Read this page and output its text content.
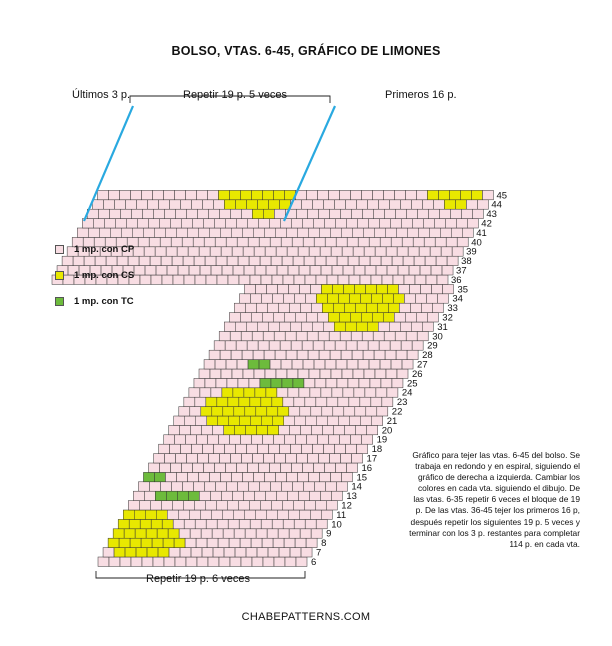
BOLSO, VTAS. 6-45, GRÁFICO DE LIMONES
6
7
8
9
10
11
12
13
14
15
16
17
18
19
20
21
22
23
24
25
26
27
28
29
30
31
32
33
34
35
36
37
38
39
40
41
42
43
44
45
Últimos 3 p.	Repetir 19 p. 5 veces	Primeros 16 p.
Repetir 19 p. 6 veces
1 mp. con CP
1 mp. con CS
1 mp. con TC
Gráfico para tejer las vtas. 6-45 del bolso. Se trabaja en redondo y en espiral, siguiendo el gráfico de derecha a izquierda. Cambiar los colores en cada vta. siguiendo el dibujo. De las vtas. 6-35 repetir 6 veces el bloque de 19 p. De las vtas. 36-45 tejer los primeros 16 p, después repetir los siguientes 19 p. 5 veces y terminar con los 3 p. restantes para completar 114 p. en cada vta.
CHABEPATTERNS.COM
